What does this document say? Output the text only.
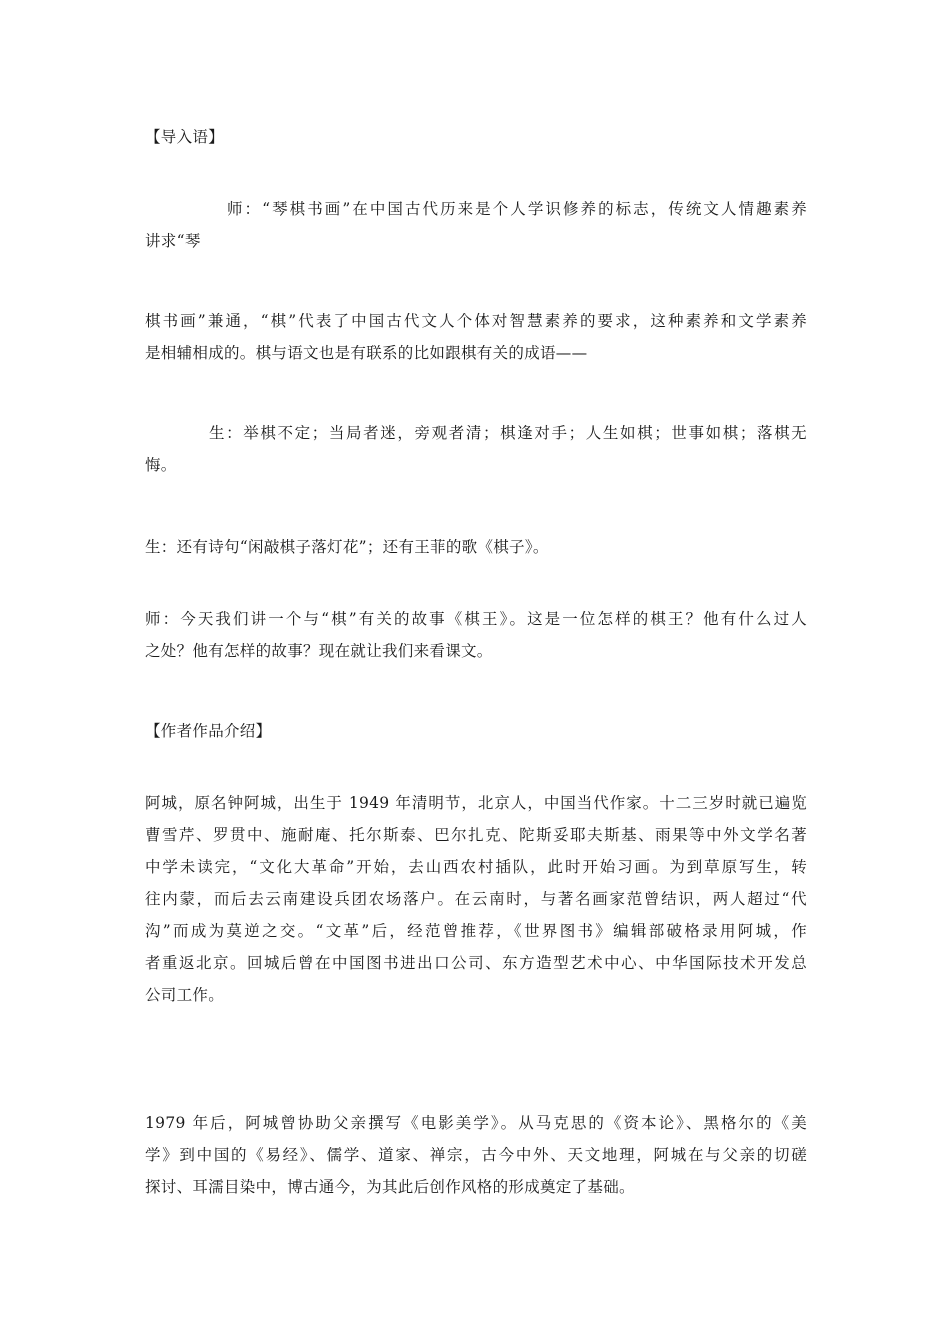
【导入语】

师：“琴棋书画”在中国古代历来是个人学识修养的标志，传统文人情趣素养
讲求“琴

棋书画”兼通，“棋”代表了中国古代文人个体对智慧素养的要求，这种素养和文学素养
是相辅相成的。棋与语文也是有联系的比如跟棋有关的成语——

生：举棋不定；当局者迷，旁观者清；棋逢对手；人生如棋；世事如棋；落棋无
悔。

生：还有诗句“闲敲棋子落灯花”；还有王菲的歌《棋子》。

师：今天我们讲一个与“棋”有关的故事《棋王》。这是一位怎样的棋王？他有什么过人
之处？他有怎样的故事？现在就让我们来看课文。

【作者作品介绍】

阿城，原名钟阿城，出生于 1949 年清明节，北京人，中国当代作家。十二三岁时就已遍览
曹雪芹、罗贯中、施耐庵、托尔斯泰、巴尔扎克、陀斯妥耶夫斯基、雨果等中外文学名著
中学未读完，“文化大革命”开始，去山西农村插队，此时开始习画。为到草原写生，转
往内蒙，而后去云南建设兵团农场落户。在云南时，与著名画家范曾结识，两人超过“代
沟”而成为莫逆之交。“文革”后，经范曾推荐，《世界图书》编辑部破格录用阿城，作
者重返北京。回城后曾在中国图书进出口公司、东方造型艺术中心、中华国际技术开发总
公司工作。

1979 年后，阿城曾协助父亲撰写《电影美学》。从马克思的《资本论》、黑格尔的《美
学》到中国的《易经》、儒学、道家、禅宗，古今中外、天文地理，阿城在与父亲的切磋
探讨、耳濡目染中，博古通今，为其此后创作风格的形成奠定了基础。
